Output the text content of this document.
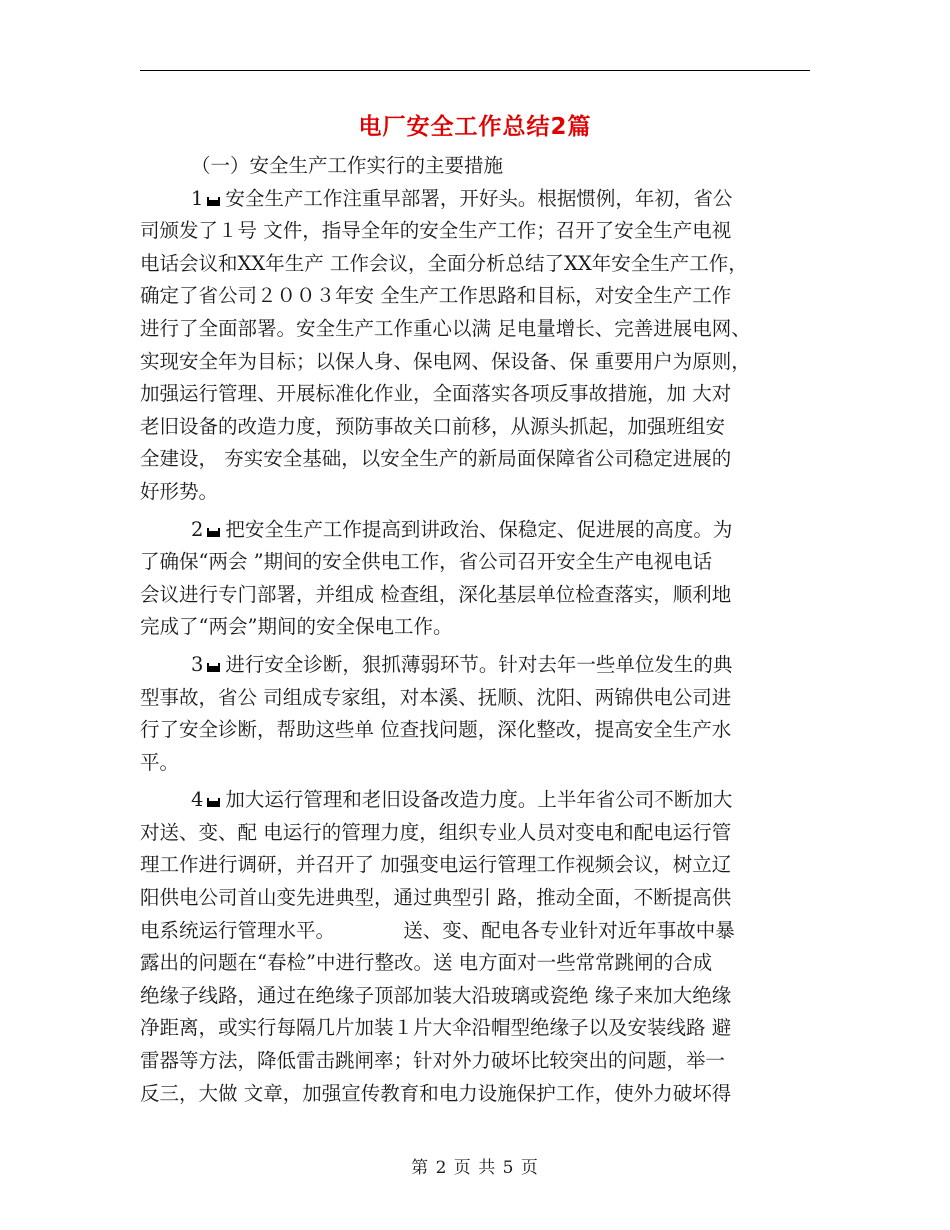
电厂安全工作总结2篇

（一）安全生产工作实行的主要措施

1 安全生产工作注重早部署，开好头。根据惯例，年初，省公
司颁发了１号 文件，指导全年的安全生产工作；召开了安全生产电视
电话会议和XX年生产 工作会议，全面分析总结了XX年安全生产工作，
确定了省公司２００３年安 全生产工作思路和目标，对安全生产工作
进行了全面部署。安全生产工作重心以满 足电量增长、完善进展电网、
实现安全年为目标；以保人身、保电网、保设备、保 重要用户为原则，
加强运行管理、开展标准化作业，全面落实各项反事故措施，加 大对
老旧设备的改造力度，预防事故关口前移，从源头抓起，加强班组安
全建设， 夯实安全基础，以安全生产的新局面保障省公司稳定进展的
好形势。

2 把安全生产工作提高到讲政治、保稳定、促进展的高度。为
了确保“两会 ”期间的安全供电工作，省公司召开安全生产电视电话
会议进行专门部署，并组成 检查组，深化基层单位检查落实，顺利地
完成了“两会”期间的安全保电工作。

3 进行安全诊断，狠抓薄弱环节。针对去年一些单位发生的典
型事故，省公 司组成专家组，对本溪、抚顺、沈阳、两锦供电公司进
行了安全诊断，帮助这些单 位查找问题，深化整改，提高安全生产水
平。

4 加大运行管理和老旧设备改造力度。上半年省公司不断加大
对送、变、配 电运行的管理力度，组织专业人员对变电和配电运行管
理工作进行调研，并召开了 加强变电运行管理工作视频会议，树立辽
阳供电公司首山变先进典型，通过典型引 路，推动全面，不断提高供
电系统运行管理水平。　　　　送、变、配电各专业针对近年事故中暴
露出的问题在“春检”中进行整改。送 电方面对一些常常跳闸的合成
绝缘子线路，通过在绝缘子顶部加装大沿玻璃或瓷绝 缘子来加大绝缘
净距离，或实行每隔几片加装１片大伞沿帽型绝缘子以及安装线路 避
雷器等方法，降低雷击跳闸率；针对外力破坏比较突出的问题，举一
反三，大做 文章，加强宣传教育和电力设施保护工作，使外力破坏得

第 2 页 共 5 页
